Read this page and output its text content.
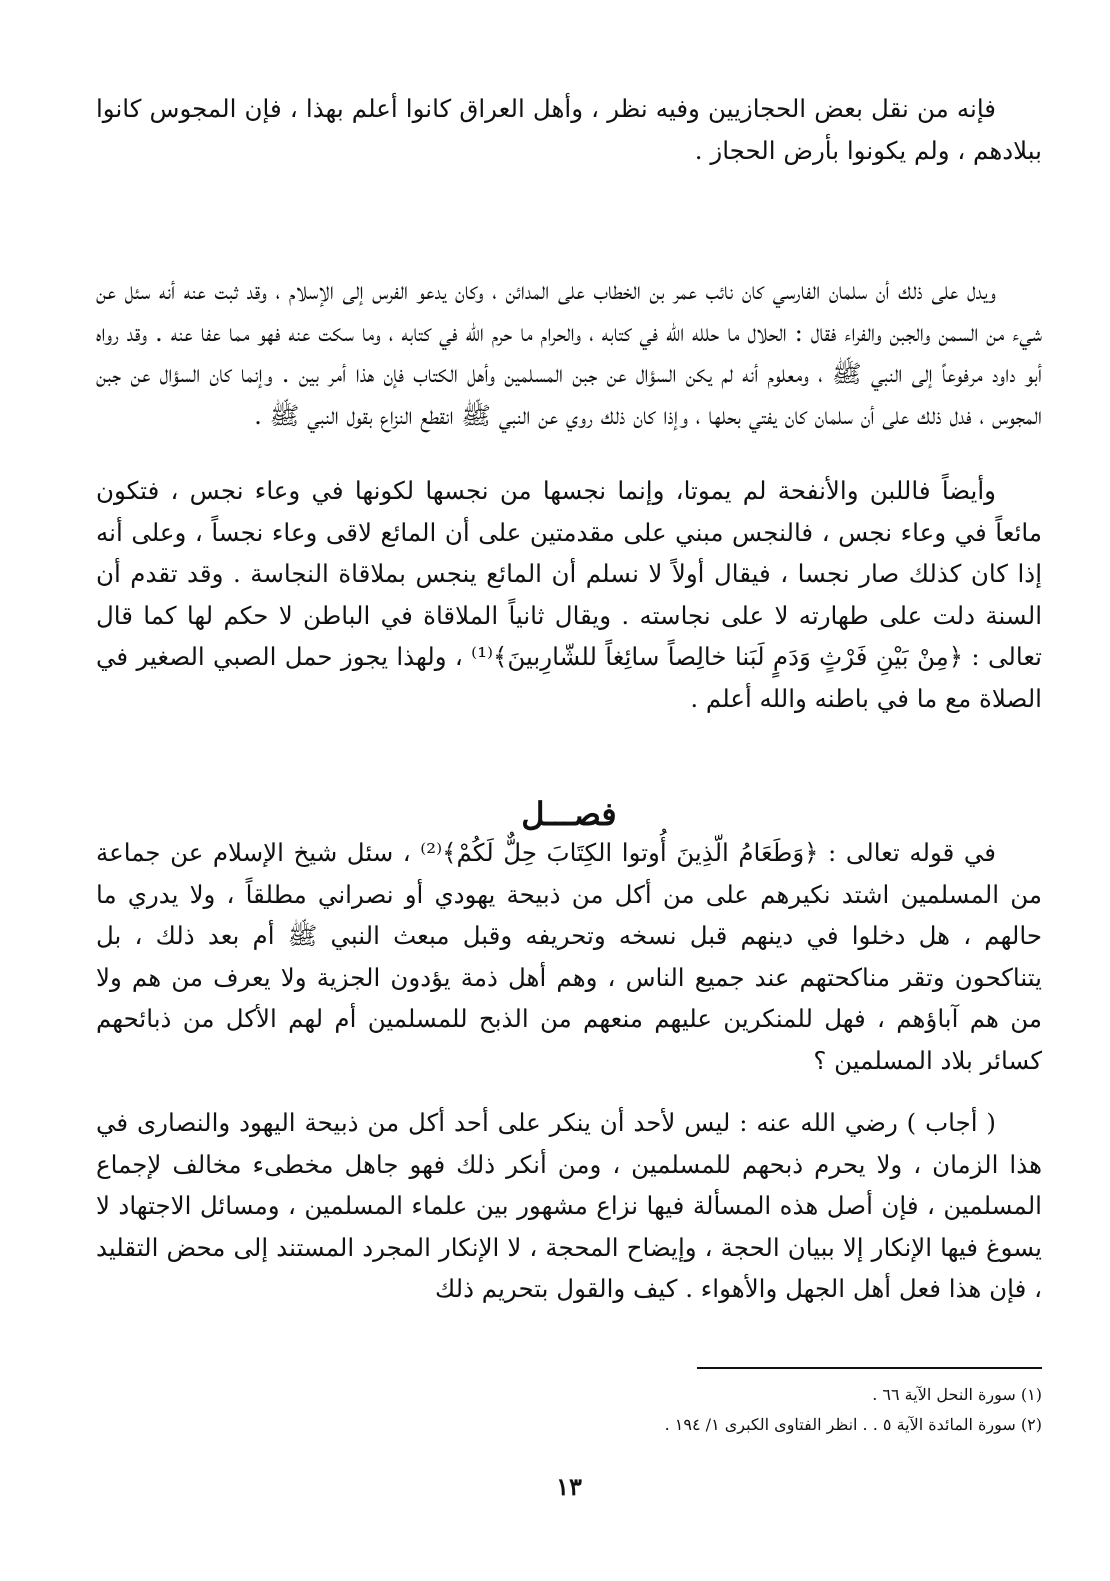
فإنه من نقل بعض الحجازيين وفيه نظر ، وأهل العراق كانوا أعلم بهذا ، فإن المجوس كانوا ببلادهم ، ولم يكونوا بأرض الحجاز .

ويدل على ذلك أن سلمان الفارسي كان نائب عمر بن الخطاب على المدائن ، وكان يدعو الفرس إلى الإسلام ، وقد ثبت عنه أنه سئل عن شيء من السمن والجبن والفراء فقال : الحلال ما حلله الله في كتابه ، والحرام ما حرم الله في كتابه ، وما سكت عنه فهو مما عفا عنه . وقد رواه أبو داود مرفوعاً إلى النبي ﷺ ، ومعلوم أنه لم يكن السؤال عن جبن المسلمين وأهل الكتاب فإن هذا أمر بين . وإنما كان السؤال عن جبن المجوس ، فدل ذلك على أن سلمان كان يفتي بحلها ، وإذا كان ذلك روي عن النبي ﷺ انقطع النزاع بقول النبي ﷺ .

وأيضاً فاللبن والأنفحة لم يموتا، وإنما نجسها من نجسها لكونها في وعاء نجس ، فتكون مائعاً في وعاء نجس ، فالنجس مبني على مقدمتين على أن المائع لاقى وعاء نجساً ، وعلى أنه إذا كان كذلك صار نجسا ، فيقال أولاً لا نسلم أن المائع ينجس بملاقاة النجاسة . وقد تقدم أن السنة دلت على طهارته لا على نجاسته . ويقال ثانياً الملاقاة في الباطن لا حكم لها كما قال تعالى : ﴿مِنْ بَيْنِ فَرْثٍ وَدَمٍ لَبَنا خالِصاً سائِغاً للشّارِبينَ﴾⁽¹⁾ ، ولهذا يجوز حمل الصبي الصغير في الصلاة مع ما في باطنه والله أعلم .

فصـــل

في قوله تعالى : ﴿وَطَعَامُ الّذِينَ أُوتوا الكِتَابَ حِلٌّ لَكُمْ﴾⁽²⁾ ، سئل شيخ الإسلام عن جماعة من المسلمين اشتد نكيرهم على من أكل من ذبيحة يهودي أو نصراني مطلقاً ، ولا يدري ما حالهم ، هل دخلوا في دينهم قبل نسخه وتحريفه وقبل مبعث النبي ﷺ أم بعد ذلك ، بل يتناكحون وتقر مناكحتهم عند جميع الناس ، وهم أهل ذمة يؤدون الجزية ولا يعرف من هم ولا من هم آباؤهم ، فهل للمنكرين عليهم منعهم من الذبح للمسلمين أم لهم الأكل من ذبائحهم كسائر بلاد المسلمين ؟

( أجاب ) رضي الله عنه : ليس لأحد أن ينكر على أحد أكل من ذبيحة اليهود والنصارى في هذا الزمان ، ولا يحرم ذبحهم للمسلمين ، ومن أنكر ذلك فهو جاهل مخطىء مخالف لإجماع المسلمين ، فإن أصل هذه المسألة فيها نزاع مشهور بين علماء المسلمين ، ومسائل الاجتهاد لا يسوغ فيها الإنكار إلا ببيان الحجة ، وإيضاح المحجة ، لا الإنكار المجرد المستند إلى محض التقليد ، فإن هذا فعل أهل الجهل والأهواء . كيف والقول بتحريم ذلك

(١) سورة النحل الآية ٦٦ .

(٢) سورة المائدة الآية ٥ . . انظر الفتاوى الكبرى ١/ ١٩٤ .

١٣
